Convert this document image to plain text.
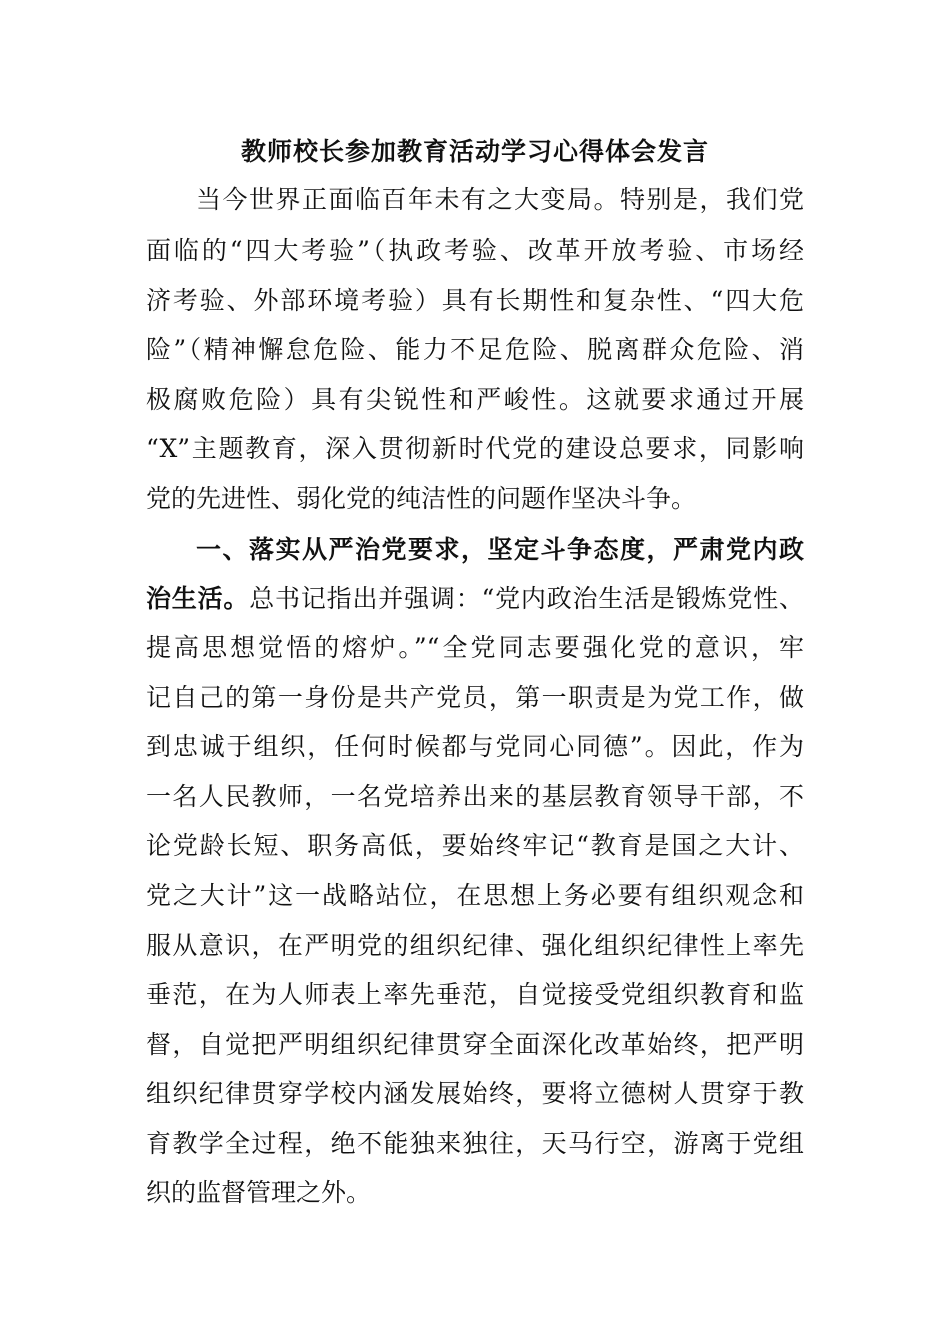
教师校长参加教育活动学习心得体会发言
当今世界正面临百年未有之大变局。特别是，我们党
面临的“四大考验”（执政考验、改革开放考验、市场经
济考验、外部环境考验）具有长期性和复杂性、“四大危
险”（精神懈怠危险、能力不足危险、脱离群众危险、消
极腐败危险）具有尖锐性和严峻性。这就要求通过开展
“X”主题教育，深入贯彻新时代党的建设总要求，同影响
党的先进性、弱化党的纯洁性的问题作坚决斗争。
一、落实从严治党要求，坚定斗争态度，严肃党内政
治生活。总书记指出并强调：“党内政治生活是锻炼党性、
提高思想觉悟的熔炉。”“全党同志要强化党的意识，牢
记自己的第一身份是共产党员，第一职责是为党工作，做
到忠诚于组织，任何时候都与党同心同德”。因此，作为
一名人民教师，一名党培养出来的基层教育领导干部，不
论党龄长短、职务高低，要始终牢记“教育是国之大计、
党之大计”这一战略站位，在思想上务必要有组织观念和
服从意识，在严明党的组织纪律、强化组织纪律性上率先
垂范，在为人师表上率先垂范，自觉接受党组织教育和监
督，自觉把严明组织纪律贯穿全面深化改革始终，把严明
组织纪律贯穿学校内涵发展始终，要将立德树人贯穿于教
育教学全过程，绝不能独来独往，天马行空，游离于党组
织的监督管理之外。
